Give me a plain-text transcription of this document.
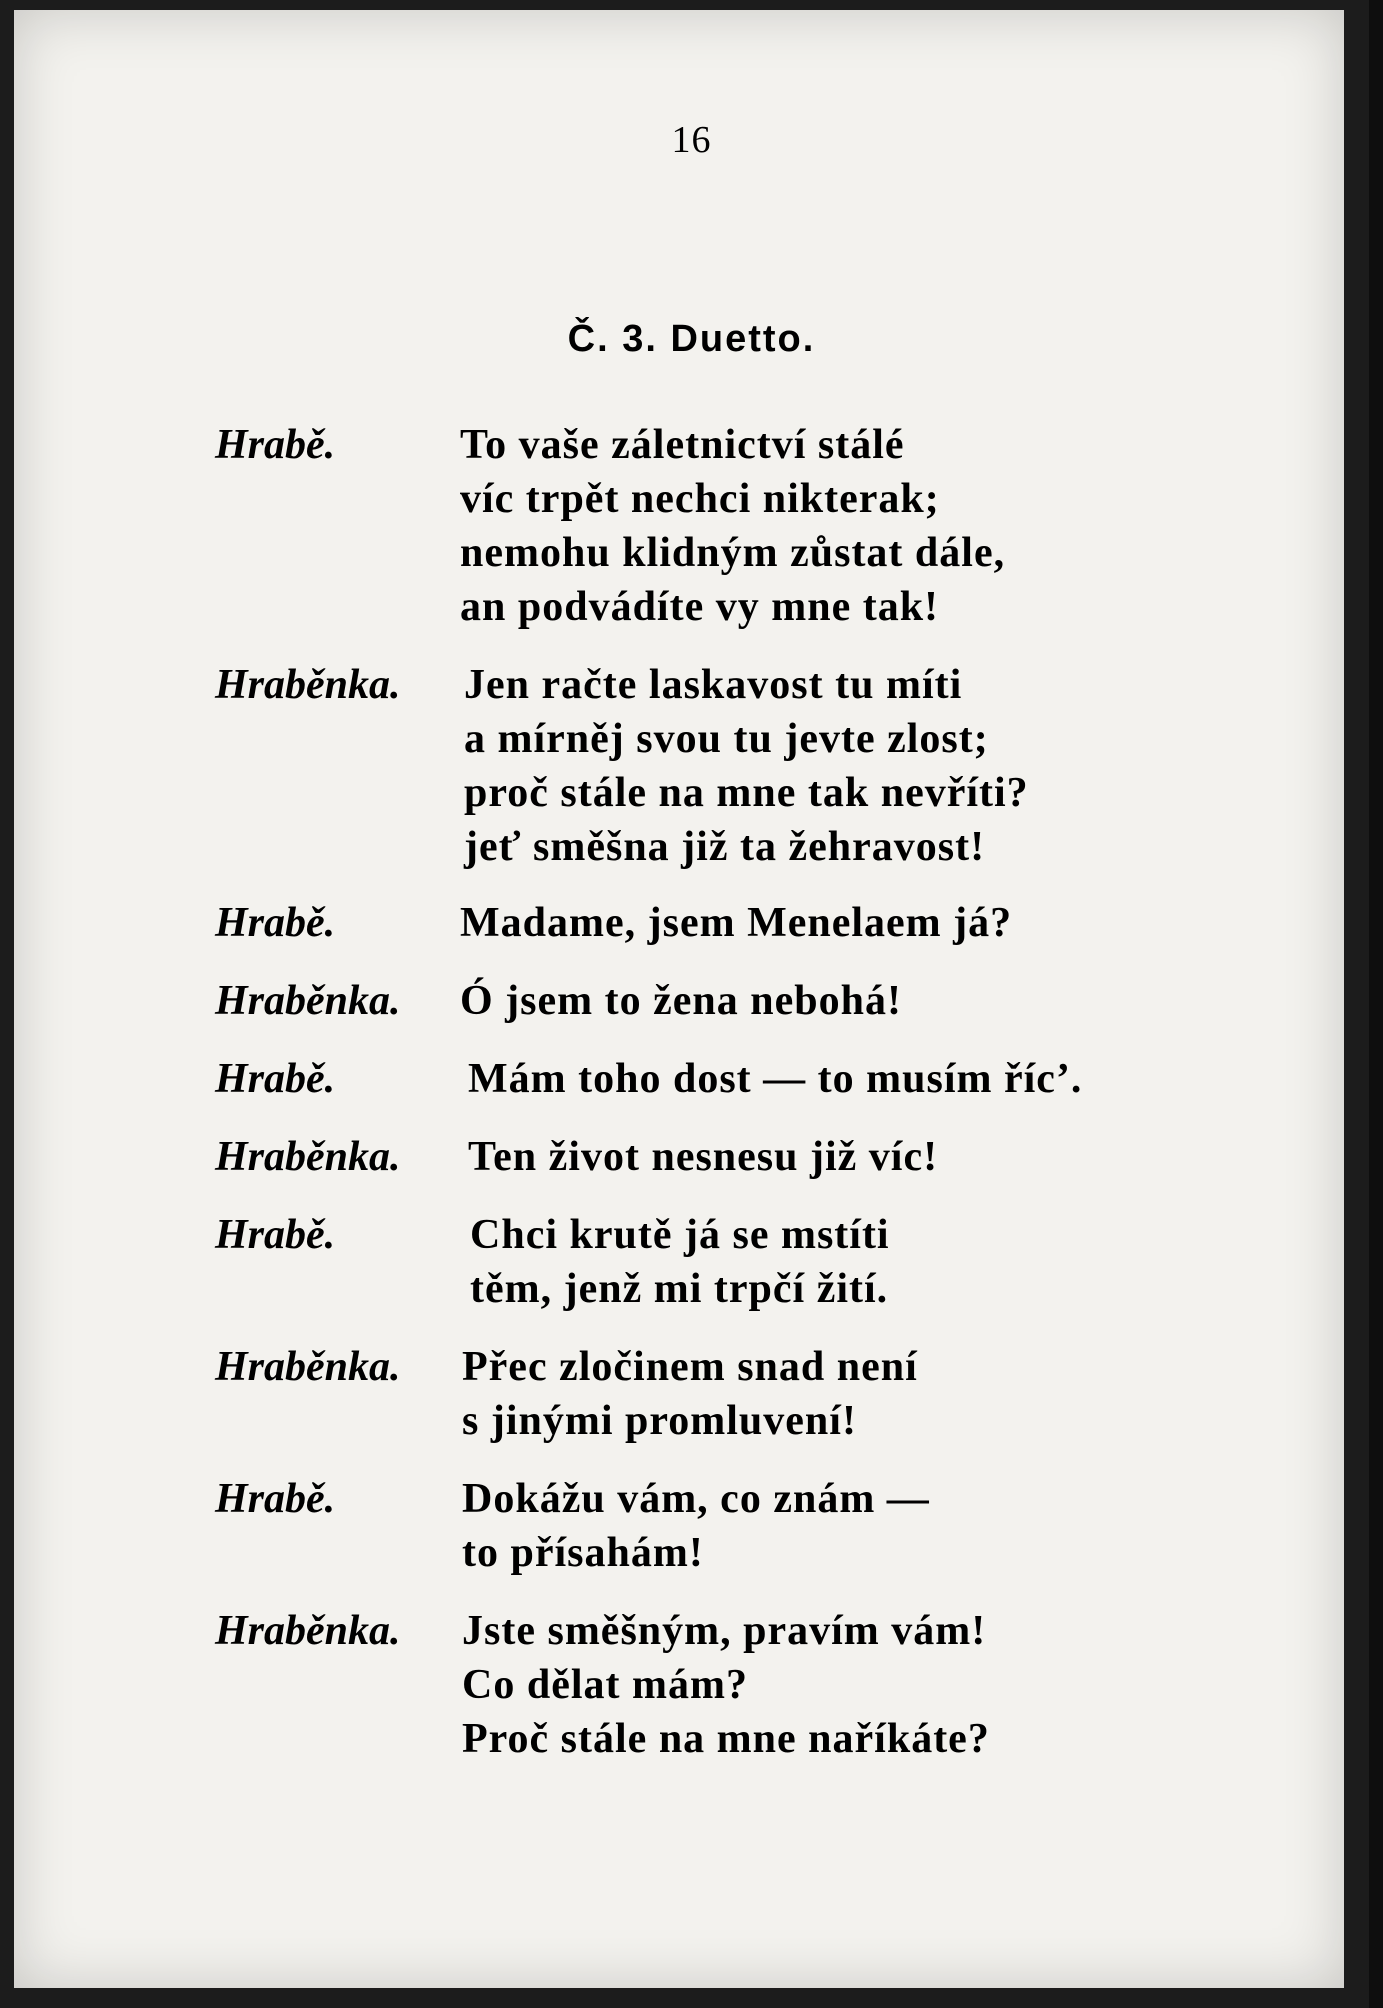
16
Č. 3. Duetto.
Hrabě.	To vaše záletnictví stálé
víc trpět nechci nikterak;
nemohu klidným zůstat dále,
an podvádíte vy mne tak!
Hraběnka.	Jen račte laskavost tu míti
a mírněj svou tu jevte zlost;
proč stále na mne tak nevříti?
jeť směšna již ta žehravost!
Hrabě.	Madame, jsem Menelaem já?
Hraběnka.	Ó jsem to žena nebohá!
Hrabě.	Mám toho dost — to musím říc’.
Hraběnka.	Ten život nesnesu již víc!
Hrabě.	Chci krutě já se mstíti
těm, jenž mi trpčí žití.
Hraběnka.	Přec zločinem snad není
s jinými promluvení!
Hrabě.	Dokážu vám, co znám —
to přísahám!
Hraběnka.	Jste směšným, pravím vám!
Co dělat mám?
Proč stále na mne naříkáte?
